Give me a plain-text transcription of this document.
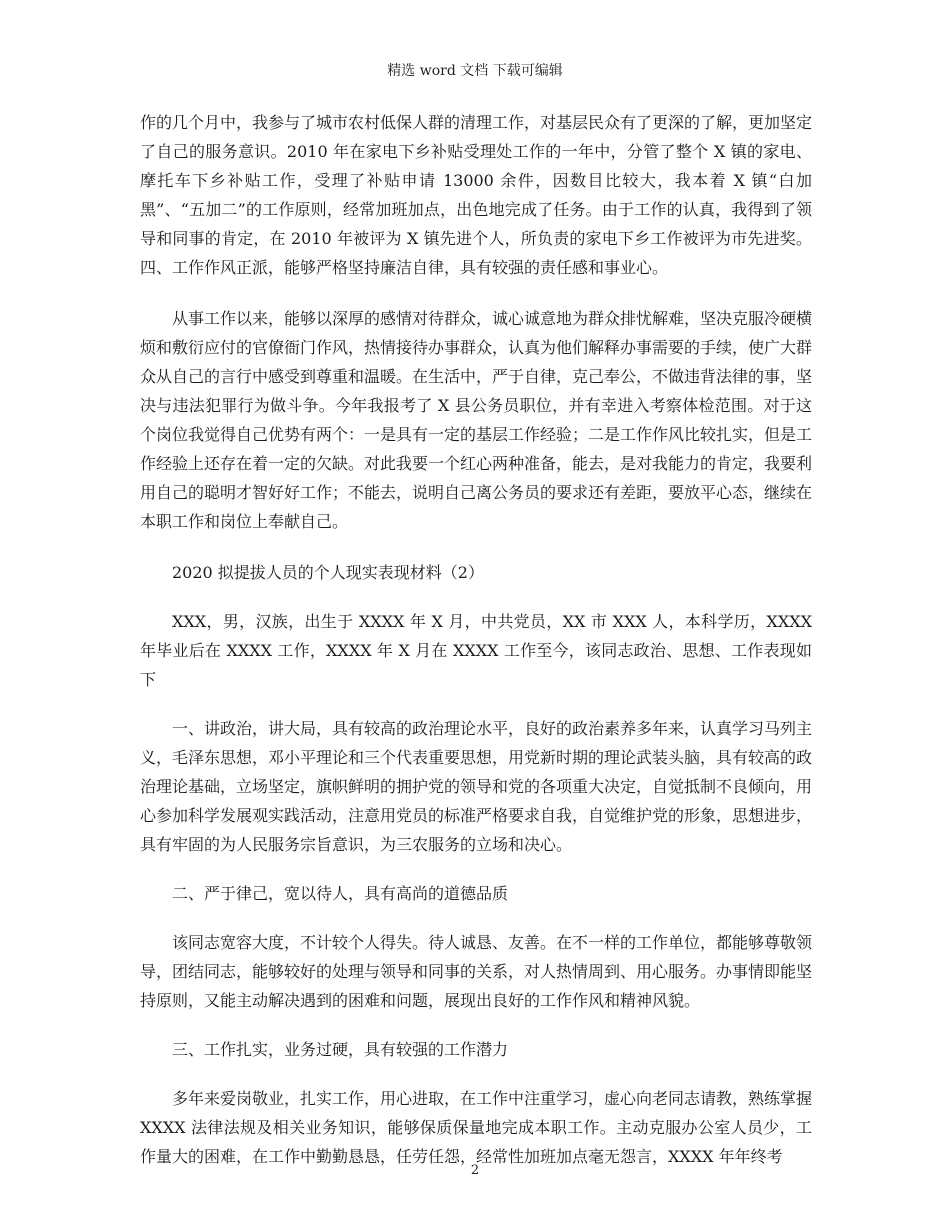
精选 word 文档 下载可编辑

作的几个月中，我参与了城市农村低保人群的清理工作，对基层民众有了更深的了解，更加坚定了自己的服务意识。2010 年在家电下乡补贴受理处工作的一年中，分管了整个 X 镇的家电、摩托车下乡补贴工作，受理了补贴申请 13000 余件，因数目比较大，我本着 X 镇“白加黑”、“五加二”的工作原则，经常加班加点，出色地完成了任务。由于工作的认真，我得到了领导和同事的肯定，在 2010 年被评为 X 镇先进个人，所负责的家电下乡工作被评为市先进奖。四、工作作风正派，能够严格坚持廉洁自律，具有较强的责任感和事业心。

从事工作以来，能够以深厚的感情对待群众，诚心诚意地为群众排忧解难，坚决克服冷硬横烦和敷衍应付的官僚衙门作风，热情接待办事群众，认真为他们解释办事需要的手续，使广大群众从自己的言行中感受到尊重和温暖。在生活中，严于自律，克己奉公，不做违背法律的事，坚决与违法犯罪行为做斗争。今年我报考了 X 县公务员职位，并有幸进入考察体检范围。对于这个岗位我觉得自己优势有两个：一是具有一定的基层工作经验；二是工作作风比较扎实，但是工作经验上还存在着一定的欠缺。对此我要一个红心两种准备，能去，是对我能力的肯定，我要利用自己的聪明才智好好工作；不能去，说明自己离公务员的要求还有差距，要放平心态，继续在本职工作和岗位上奉献自己。

2020 拟提拔人员的个人现实表现材料（2）

XXX，男，汉族，出生于 XXXX 年 X 月，中共党员，XX 市 XXX 人，本科学历，XXXX 年毕业后在 XXXX 工作，XXXX 年 X 月在 XXXX 工作至今，该同志政治、思想、工作表现如下

一、讲政治，讲大局，具有较高的政治理论水平，良好的政治素养多年来，认真学习马列主义，毛泽东思想，邓小平理论和三个代表重要思想，用党新时期的理论武装头脑，具有较高的政治理论基础，立场坚定，旗帜鲜明的拥护党的领导和党的各项重大决定，自觉抵制不良倾向，用心参加科学发展观实践活动，注意用党员的标准严格要求自我，自觉维护党的形象，思想进步，具有牢固的为人民服务宗旨意识，为三农服务的立场和决心。

二、严于律己，宽以待人，具有高尚的道德品质

该同志宽容大度，不计较个人得失。待人诚恳、友善。在不一样的工作单位，都能够尊敬领导，团结同志，能够较好的处理与领导和同事的关系，对人热情周到、用心服务。办事情即能坚持原则，又能主动解决遇到的困难和问题，展现出良好的工作作风和精神风貌。

三、工作扎实，业务过硬，具有较强的工作潜力

多年来爱岗敬业，扎实工作，用心进取，在工作中注重学习，虚心向老同志请教，熟练掌握 XXXX 法律法规及相关业务知识，能够保质保量地完成本职工作。主动克服办公室人员少，工作量大的困难，在工作中勤勤恳恳，任劳任怨，经常性加班加点毫无怨言，XXXX 年年终考

2
